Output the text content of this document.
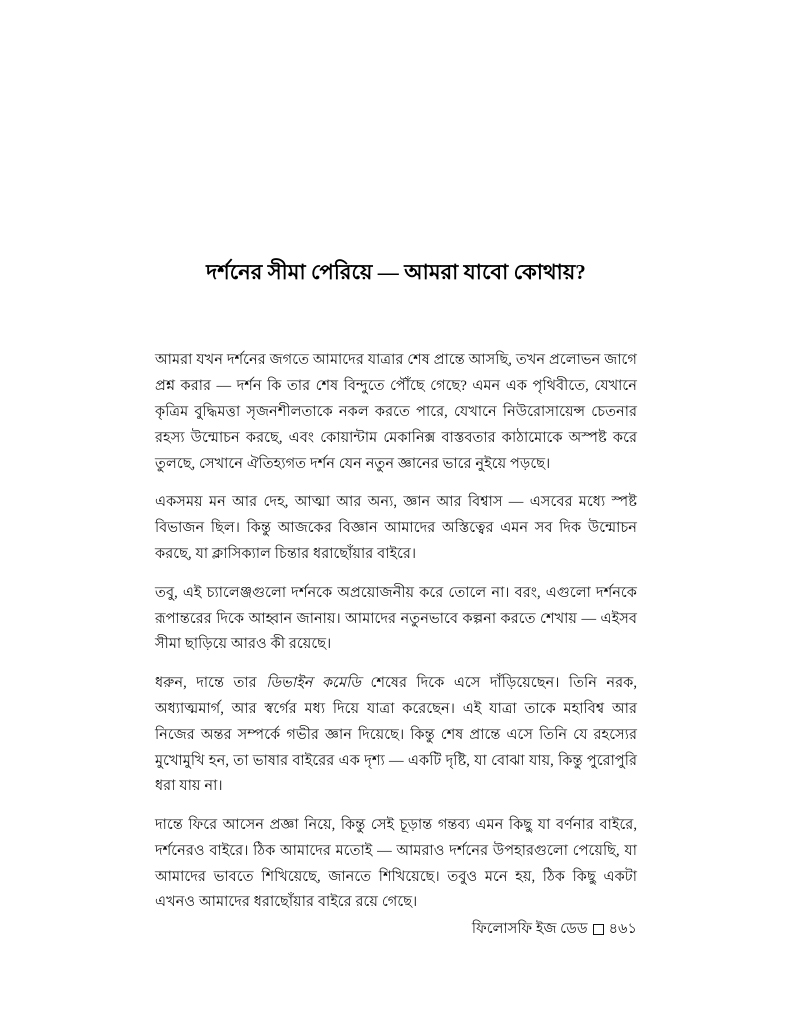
দর্শনের সীমা পেরিয়ে — আমরা যাবো কোথায়?

আমরা যখন দর্শনের জগতে আমাদের যাত্রার শেষ প্রান্তে আসছি, তখন প্রলোভন জাগে প্রশ্ন করার — দর্শন কি তার শেষ বিন্দুতে পৌঁছে গেছে? এমন এক পৃথিবীতে, যেখানে কৃত্রিম বুদ্ধিমত্তা সৃজনশীলতাকে নকল করতে পারে, যেখানে নিউরোসায়েন্স চেতনার রহস্য উন্মোচন করছে, এবং কোয়ান্টাম মেকানিক্স বাস্তবতার কাঠামোকে অস্পষ্ট করে তুলছে, সেখানে ঐতিহ্যগত দর্শন যেন নতুন জ্ঞানের ভারে নুইয়ে পড়ছে।

একসময় মন আর দেহ, আত্মা আর অন্য, জ্ঞান আর বিশ্বাস — এসবের মধ্যে স্পষ্ট বিভাজন ছিল। কিন্তু আজকের বিজ্ঞান আমাদের অস্তিত্বের এমন সব দিক উন্মোচন করছে, যা ক্লাসিক্যাল চিন্তার ধরাছোঁয়ার বাইরে।

তবু, এই চ্যালেঞ্জগুলো দর্শনকে অপ্রয়োজনীয় করে তোলে না। বরং, এগুলো দর্শনকে রূপান্তরের দিকে আহ্বান জানায়। আমাদের নতুনভাবে কল্পনা করতে শেখায় — এইসব সীমা ছাড়িয়ে আরও কী রয়েছে।

ধরুন, দান্তে তার ডিভাইন কমেডি শেষের দিকে এসে দাঁড়িয়েছেন। তিনি নরক, অধ্যাত্মমার্গ, আর স্বর্গের মধ্য দিয়ে যাত্রা করেছেন। এই যাত্রা তাকে মহাবিশ্ব আর নিজের অন্তর সম্পর্কে গভীর জ্ঞান দিয়েছে। কিন্তু শেষ প্রান্তে এসে তিনি যে রহস্যের মুখোমুখি হন, তা ভাষার বাইরের এক দৃশ্য — একটি দৃষ্টি, যা বোঝা যায়, কিন্তু পুরোপুরি ধরা যায় না।

দান্তে ফিরে আসেন প্রজ্ঞা নিয়ে, কিন্তু সেই চূড়ান্ত গন্তব্য এমন কিছু যা বর্ণনার বাইরে, দর্শনেরও বাইরে। ঠিক আমাদের মতোই — আমরাও দর্শনের উপহারগুলো পেয়েছি, যা আমাদের ভাবতে শিখিয়েছে, জানতে শিখিয়েছে। তবুও মনে হয়, ঠিক কিছু একটা এখনও আমাদের ধরাছোঁয়ার বাইরে রয়ে গেছে।

ফিলোসফি ইজ ডেড ৪৬১
